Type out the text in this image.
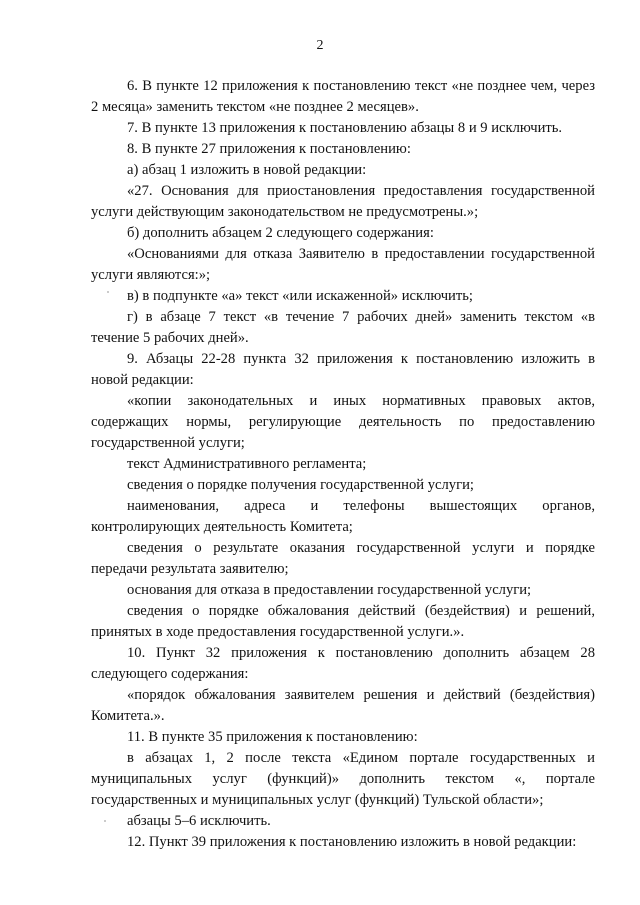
2

6. В пункте 12 приложения к постановлению текст «не позднее чем, через 2 месяца» заменить текстом «не позднее 2 месяцев».

7. В пункте 13 приложения к постановлению абзацы 8 и 9 исключить.

8. В пункте 27 приложения к постановлению:

а) абзац 1 изложить в новой редакции:

«27. Основания для приостановления предоставления государственной услуги действующим законодательством не предусмотрены.»;

б) дополнить абзацем 2 следующего содержания:

«Основаниями для отказа Заявителю в предоставлении государственной услуги являются:»;

в) в подпункте «а» текст «или искаженной» исключить;

г) в абзаце 7 текст «в течение 7 рабочих дней» заменить текстом «в течение 5 рабочих дней».

9. Абзацы 22-28 пункта 32 приложения к постановлению изложить в новой редакции:

«копии законодательных и иных нормативных правовых актов, содержащих нормы, регулирующие деятельность по предоставлению государственной услуги;

текст Административного регламента;

сведения о порядке получения государственной услуги;

наименования, адреса и телефоны вышестоящих органов, контролирующих деятельность Комитета;

сведения о результате оказания государственной услуги и порядке передачи результата заявителю;

основания для отказа в предоставлении государственной услуги;

сведения о порядке обжалования действий (бездействия) и решений, принятых в ходе предоставления государственной услуги.».

10. Пункт 32 приложения к постановлению дополнить абзацем 28 следующего содержания:

«порядок обжалования заявителем решения и действий (бездействия) Комитета.».

11. В пункте 35 приложения к постановлению:

в абзацах 1, 2 после текста «Едином портале государственных и муниципальных услуг (функций)» дополнить текстом «, портале государственных и муниципальных услуг (функций) Тульской области»;

абзацы 5–6 исключить.

12. Пункт 39 приложения к постановлению изложить в новой редакции:
